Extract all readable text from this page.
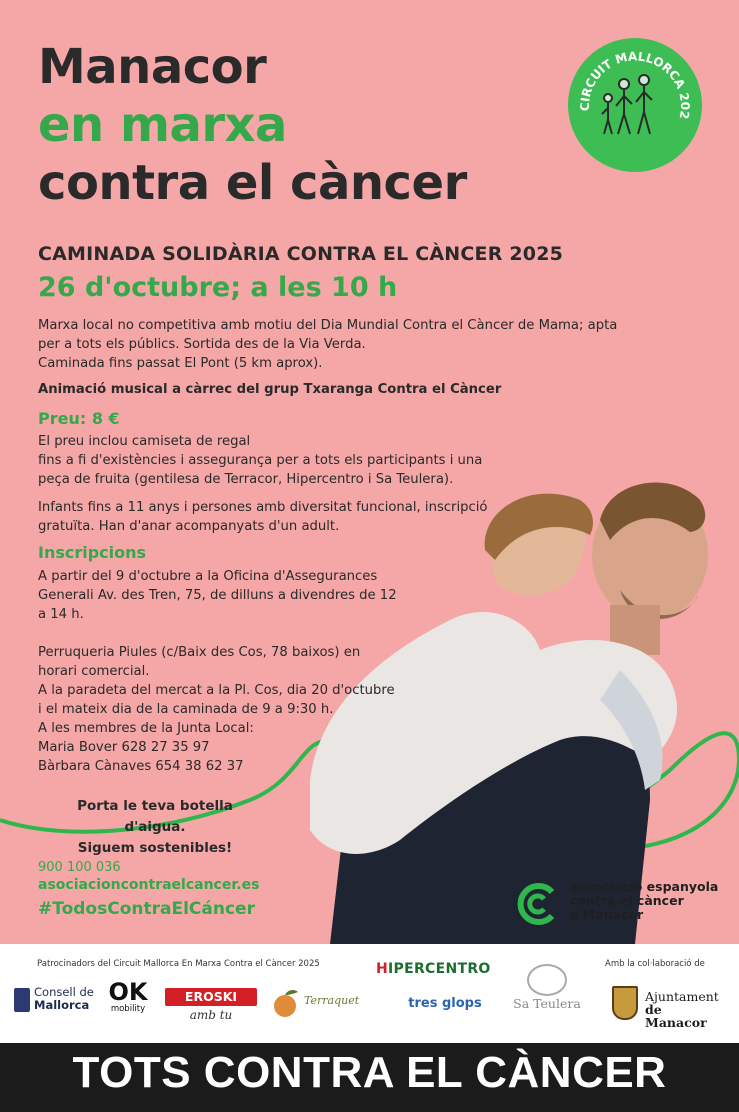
Manacor
en marxa
contra el càncer
CIRCUIT MALLORCA 202
CAMINADA SOLIDÀRIA CONTRA EL CÀNCER 2025
26 d'octubre; a les 10 h
Marxa local no competitiva amb motiu del Dia Mundial Contra el Càncer de Mama; apta
per a tots els públics. Sortida des de la Via Verda.
Caminada fins passat El Pont (5 km aprox).
Animació musical a càrrec del grup Txaranga Contra el Càncer
Preu: 8 €
El preu inclou camiseta de regal
fins a fi d'existències i assegurança per a tots els participants i una
peça de fruita (gentilesa de Terracor, Hipercentro i Sa Teulera).
Infants fins a 11 anys i persones amb diversitat funcional, inscripció
gratuïta. Han d'anar acompanyats d'un adult.
Inscripcions
A partir del 9 d'octubre a la Oficina d'Assegurances
Generali Av. des Tren, 75, de dilluns a divendres de 12
a 14 h.
Perruqueria Piules (c/Baix des Cos, 78 baixos) en
horari comercial.
A la paradeta del mercat a la Pl. Cos, dia 20 d'octubre
i el mateix dia de la caminada de 9 a 9:30 h.
A les membres de la Junta Local:
Maria Bover 628 27 35 97
Bàrbara Cànaves 654 38 62 37
Porta le teva botella d'aigua.
Siguem sostenibles!
900 100 036
asociacioncontraelcancer.es
#TodosContraElCáncer
associació espanyola
contra el càncer
a Manacor
Patrocinadors del Circuit Mallorca En Marxa Contra el Càncer 2025	Amb la col·laboració de
Consell de
Mallorca OK
mobility
EROSKI
amb tu
Terraquet
HIPERCENTRO
tres glops	Sa Teulera	Ajuntament
de Manacor
TOTS CONTRA EL CÀNCER
